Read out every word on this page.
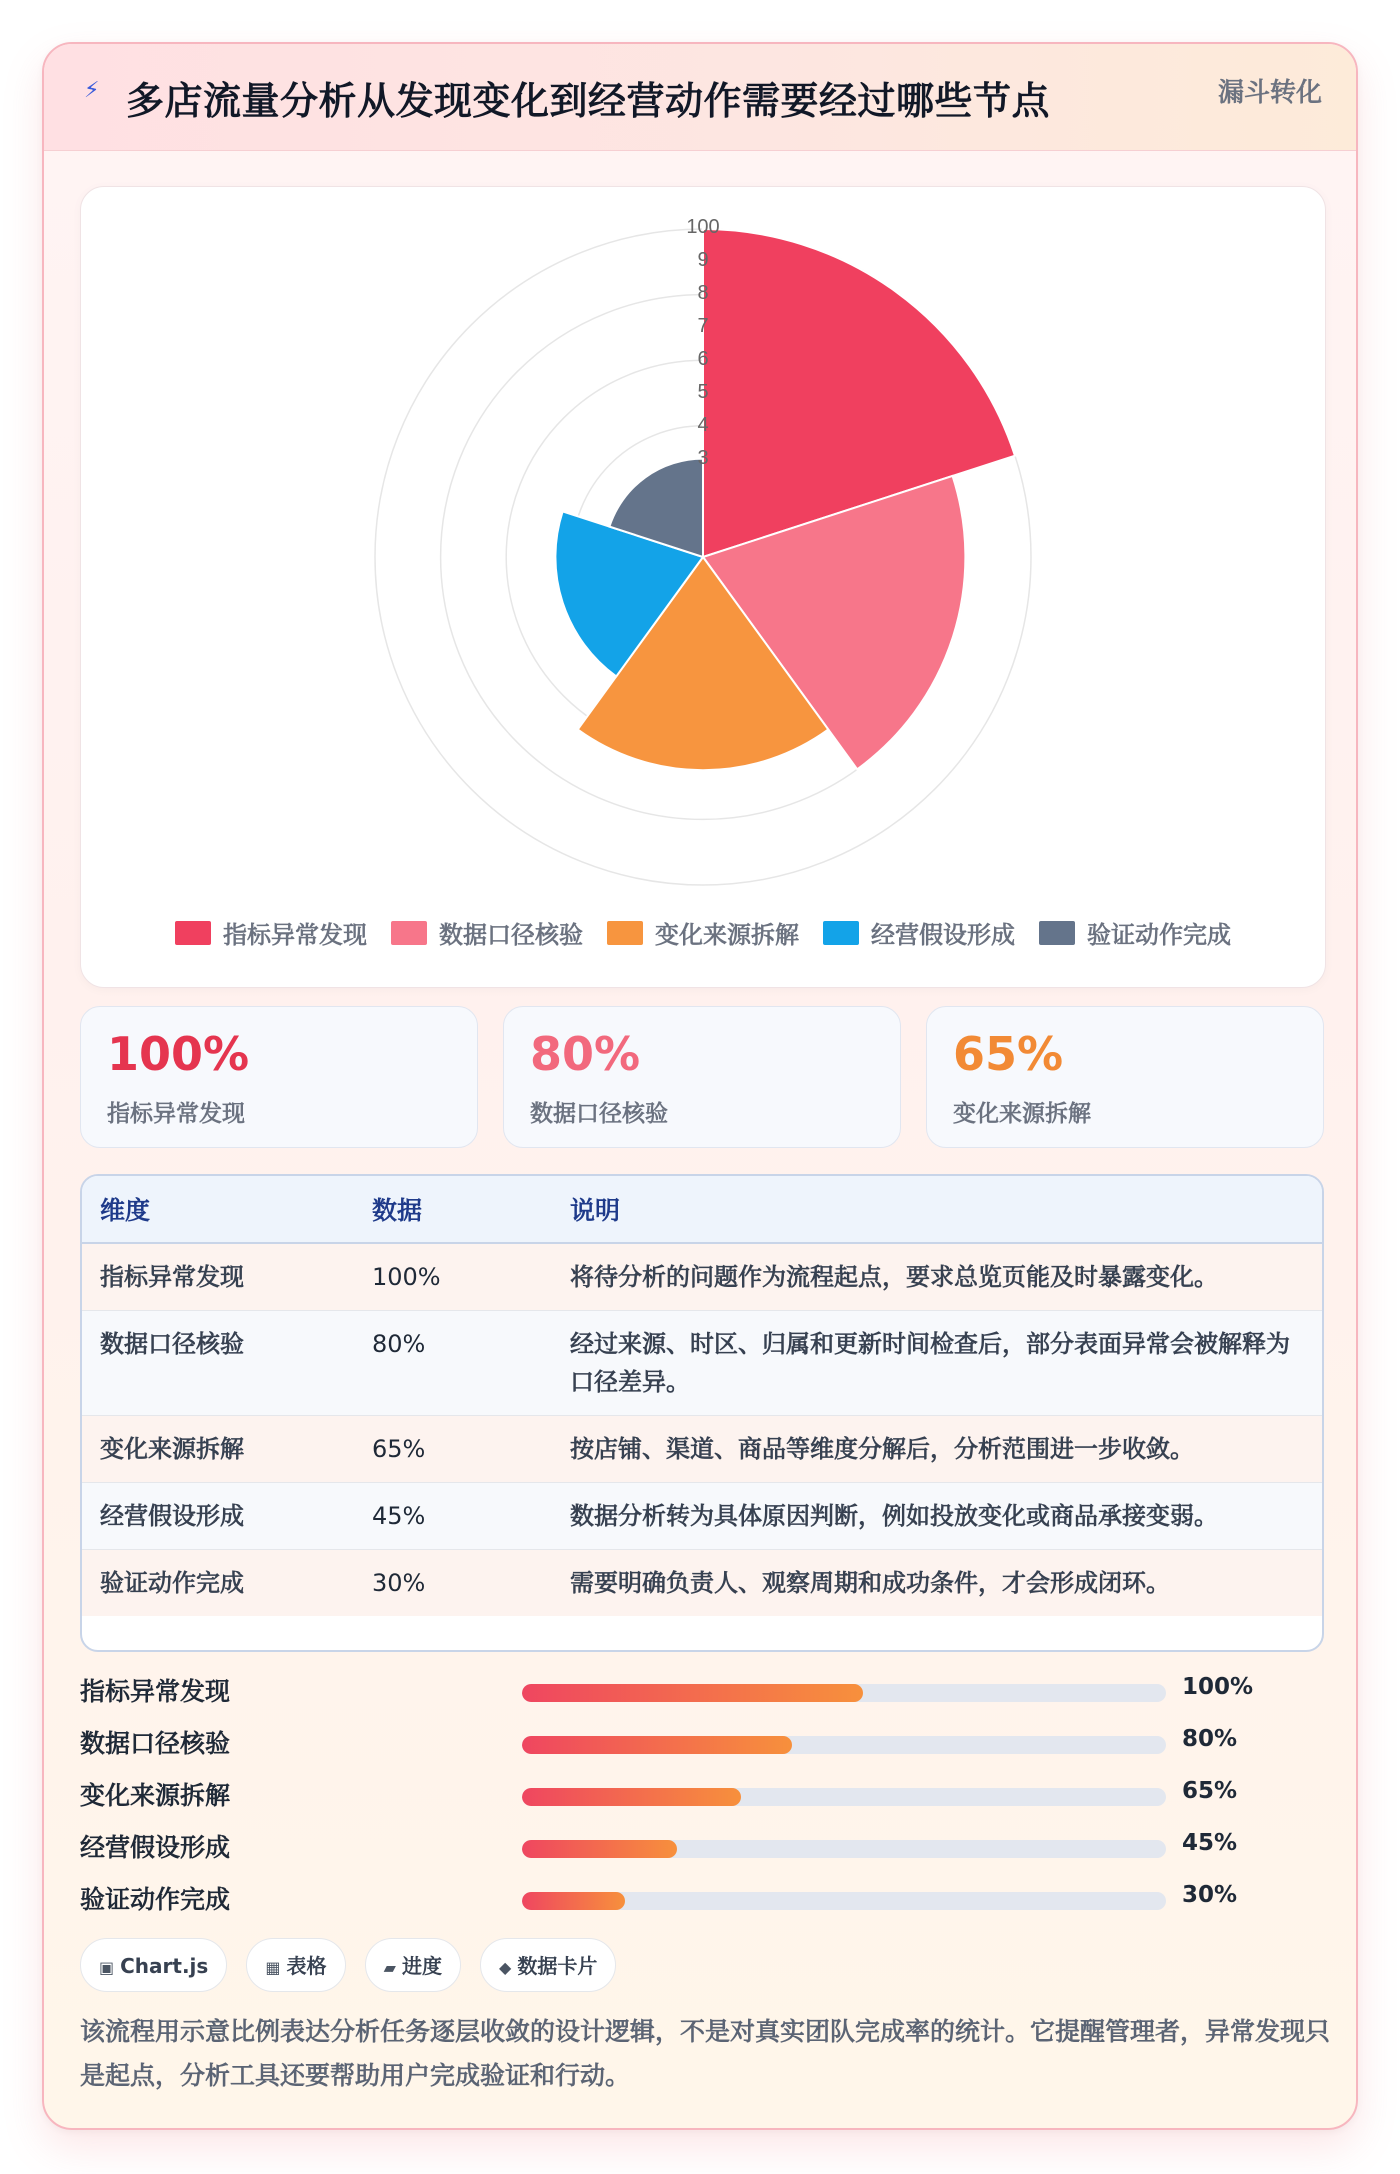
⚡ 多店流量分析从发现变化到经营动作需要经过哪些节点	漏斗转化
100
9
8
7
6
5
4
3
指标异常发现	数据口径核验	变化来源拆解	经营假设形成	验证动作完成
100%
指标异常发现
80%
数据口径核验
65%
变化来源拆解
维度	数据	说明
指标异常发现	100%	将待分析的问题作为流程起点，要求总览页能及时暴露变化。
数据口径核验	80%	经过来源、时区、归属和更新时间检查后，部分表面异常会被解释为口径差异。
变化来源拆解	65%	按店铺、渠道、商品等维度分解后，分析范围进一步收敛。
经营假设形成	45%	数据分析转为具体原因判断，例如投放变化或商品承接变弱。
验证动作完成	30%	需要明确负责人、观察周期和成功条件，才会形成闭环。
指标异常发现	100%
数据口径核验	80%
变化来源拆解	65%
经营假设形成	45%
验证动作完成	30%
▣ Chart.js	▦ 表格	▰ 进度	◆ 数据卡片
该流程用示意比例表达分析任务逐层收敛的设计逻辑，不是对真实团队完成率的统计。它提醒管理者，异常发现只是起点，分析工具还要帮助用户完成验证和行动。
